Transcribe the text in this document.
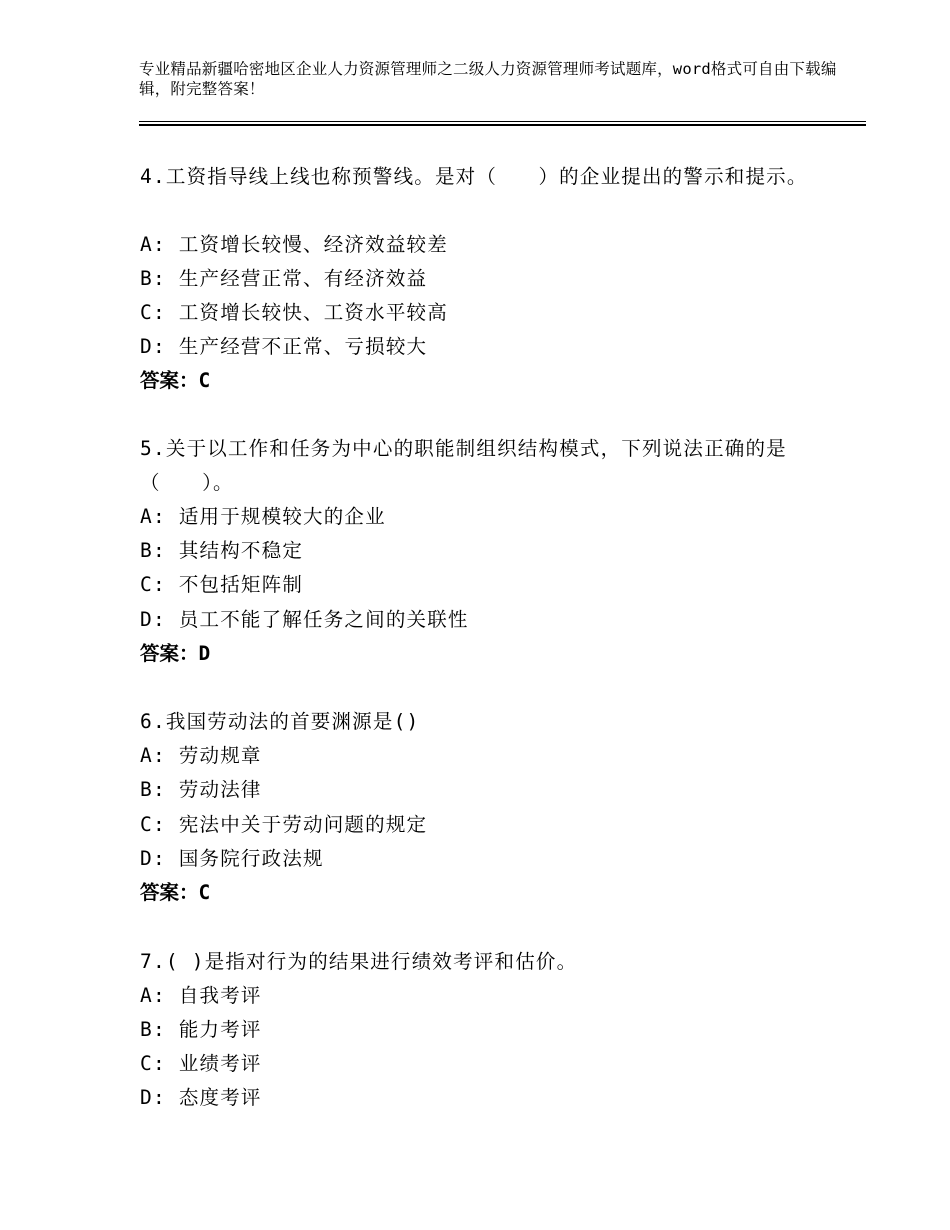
专业精品新疆哈密地区企业人力资源管理师之二级人力资源管理师考试题库，word格式可自由下载编辑，附完整答案！
4.工资指导线上线也称预警线。是对（　　）的企业提出的警示和提示。
A: 工资增长较慢、经济效益较差
B: 生产经营正常、有经济效益
C: 工资增长较快、工资水平较高
D: 生产经营不正常、亏损较大
答案：C
5.关于以工作和任务为中心的职能制组织结构模式，下列说法正确的是（　　）。
A: 适用于规模较大的企业
B: 其结构不稳定
C: 不包括矩阵制
D: 员工不能了解任务之间的关联性
答案：D
6.我国劳动法的首要渊源是()
A: 劳动规章
B: 劳动法律
C: 宪法中关于劳动问题的规定
D: 国务院行政法规
答案：C
7.( )是指对行为的结果进行绩效考评和估价。
A: 自我考评
B: 能力考评
C: 业绩考评
D: 态度考评
